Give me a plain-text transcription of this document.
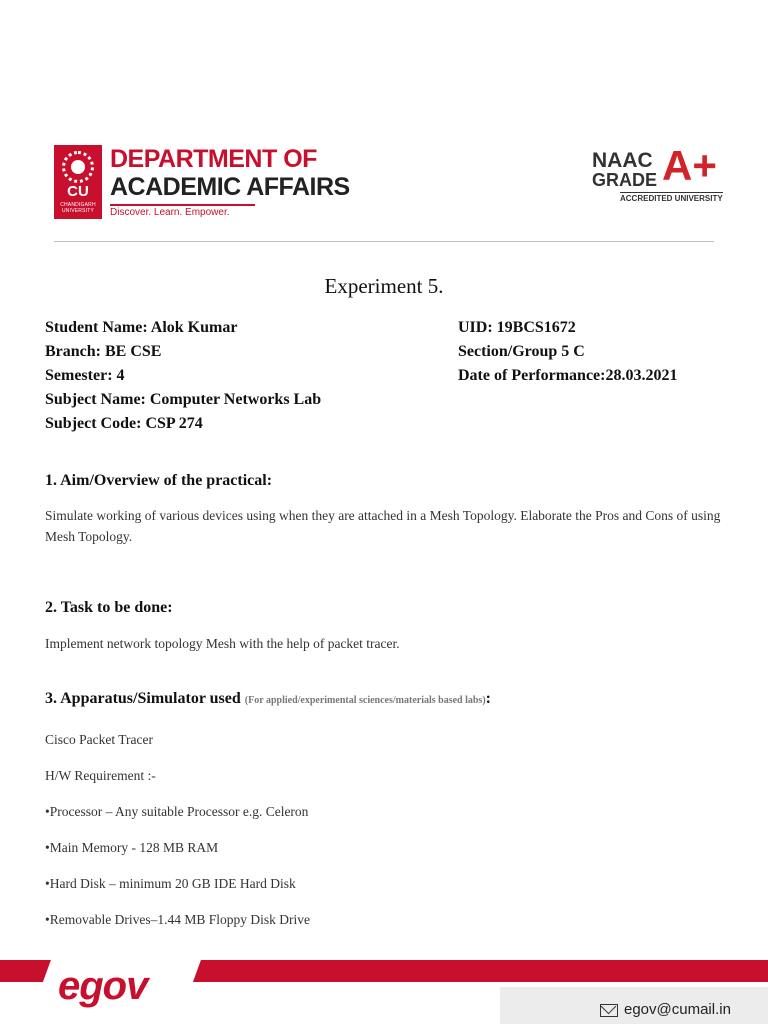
CU
CHANDIGARH UNIVERSITY
DEPARTMENT OF
ACADEMIC AFFAIRS
Discover. Learn. Empower.
NAAC
GRADE A+
ACCREDITED UNIVERSITY
Experiment 5.
Student Name: Alok Kumar	UID: 19BCS1672
Branch: BE CSE	Section/Group 5 C
Semester: 4	Date of Performance:28.03.2021
Subject Name: Computer Networks Lab
Subject Code: CSP 274
1. Aim/Overview of the practical:
Simulate working of various devices using when they are attached in a Mesh Topology. Elaborate the Pros and Cons of using Mesh Topology.
2. Task to be done:
Implement network topology Mesh with the help of packet tracer.
3. Apparatus/Simulator used (For applied/experimental sciences/materials based labs):
Cisco Packet Tracer
H/W Requirement :-
•Processor – Any suitable Processor e.g. Celeron
•Main Memory - 128 MB RAM
•Hard Disk – minimum 20 GB IDE Hard Disk
•Removable Drives–1.44 MB Floppy Disk Drive
egov
egov@cumail.in
